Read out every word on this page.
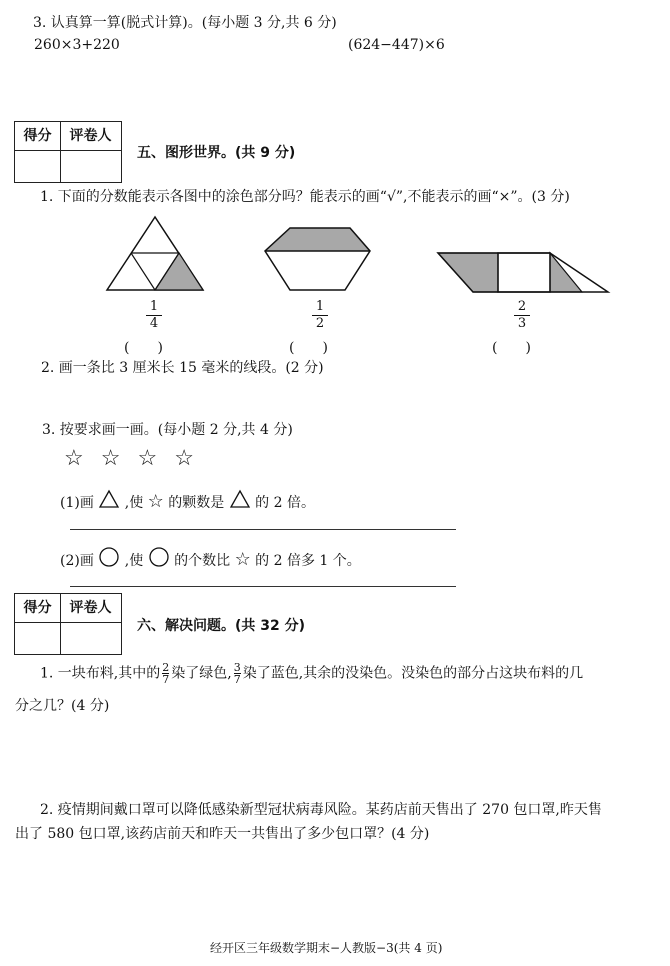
3. 认真算一算(脱式计算)。(每小题 3 分,共 6 分)
260×3+220	(624−447)×6
得分	评卷人
五、图形世界。(共 9 分)
1. 下面的分数能表示各图中的涂色部分吗？能表示的画“√”,不能表示的画“×”。(3 分)
1
4
1
2
2
3
(　　)	(　　)	(　　)
2. 画一条比 3 厘米长 15 毫米的线段。(2 分)
3. 按要求画一画。(每小题 2 分,共 4 分)
☆ ☆ ☆ ☆
(1)画 ,使 ☆ 的颗数是 的 2 倍。
(2)画 ,使 的个数比 ☆ 的 2 倍多 1 个。
得分	评卷人
六、解决问题。(共 32 分)
1. 一块布料,其中的 $\frac{2}{7}$ 染了绿色, $\frac{3}{7}$ 染了蓝色,其余的没染色。没染色的部分占这块布料的几
分之几？(4 分)
2. 疫情期间戴口罩可以降低感染新型冠状病毒风险。某药店前天售出了 270 包口罩,昨天售
出了 580 包口罩,该药店前天和昨天一共售出了多少包口罩？(4 分)
经开区三年级数学期末−人教版−3(共 4 页)
